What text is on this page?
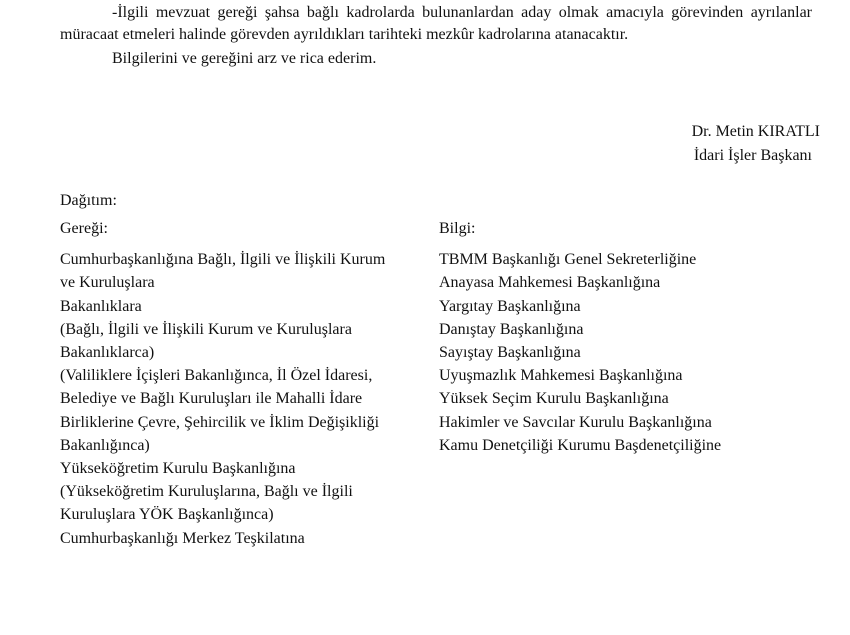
-İlgili mevzuat gereği şahsa bağlı kadrolarda bulunanlardan aday olmak amacıyla görevinden ayrılanlar müracaat etmeleri halinde görevden ayrıldıkları tarihteki mezkûr kadrolarına atanacaktır.

Bilgilerini ve gereğini arz ve rica ederim.

Dr. Metin KIRATLI

İdari İşler Başkanı
Dağıtım:
Gereği:
Cumhurbaşkanlığına Bağlı, İlgili ve İlişkili Kurum ve Kuruluşlara
Bakanlıklara
(Bağlı, İlgili ve İlişkili Kurum ve Kuruluşlara Bakanlıklarca)
(Valiliklere İçişleri Bakanlığınca, İl Özel İdaresi, Belediye ve Bağlı Kuruluşları ile Mahalli İdare Birliklerine Çevre, Şehircilik ve İklim Değişikliği Bakanlığınca)
Yükseköğretim Kurulu Başkanlığına
(Yükseköğretim Kuruluşlarına, Bağlı ve İlgili Kuruluşlara YÖK Başkanlığınca)
Cumhurbaşkanlığı Merkez Teşkilatına
Bilgi:
TBMM Başkanlığı Genel Sekreterliğine
Anayasa Mahkemesi Başkanlığına
Yargıtay Başkanlığına
Danıştay Başkanlığına
Sayıştay Başkanlığına
Uyuşmazlık Mahkemesi Başkanlığına
Yüksek Seçim Kurulu Başkanlığına
Hakimler ve Savcılar Kurulu Başkanlığına
Kamu Denetçiliği Kurumu Başdenetçiliğine
